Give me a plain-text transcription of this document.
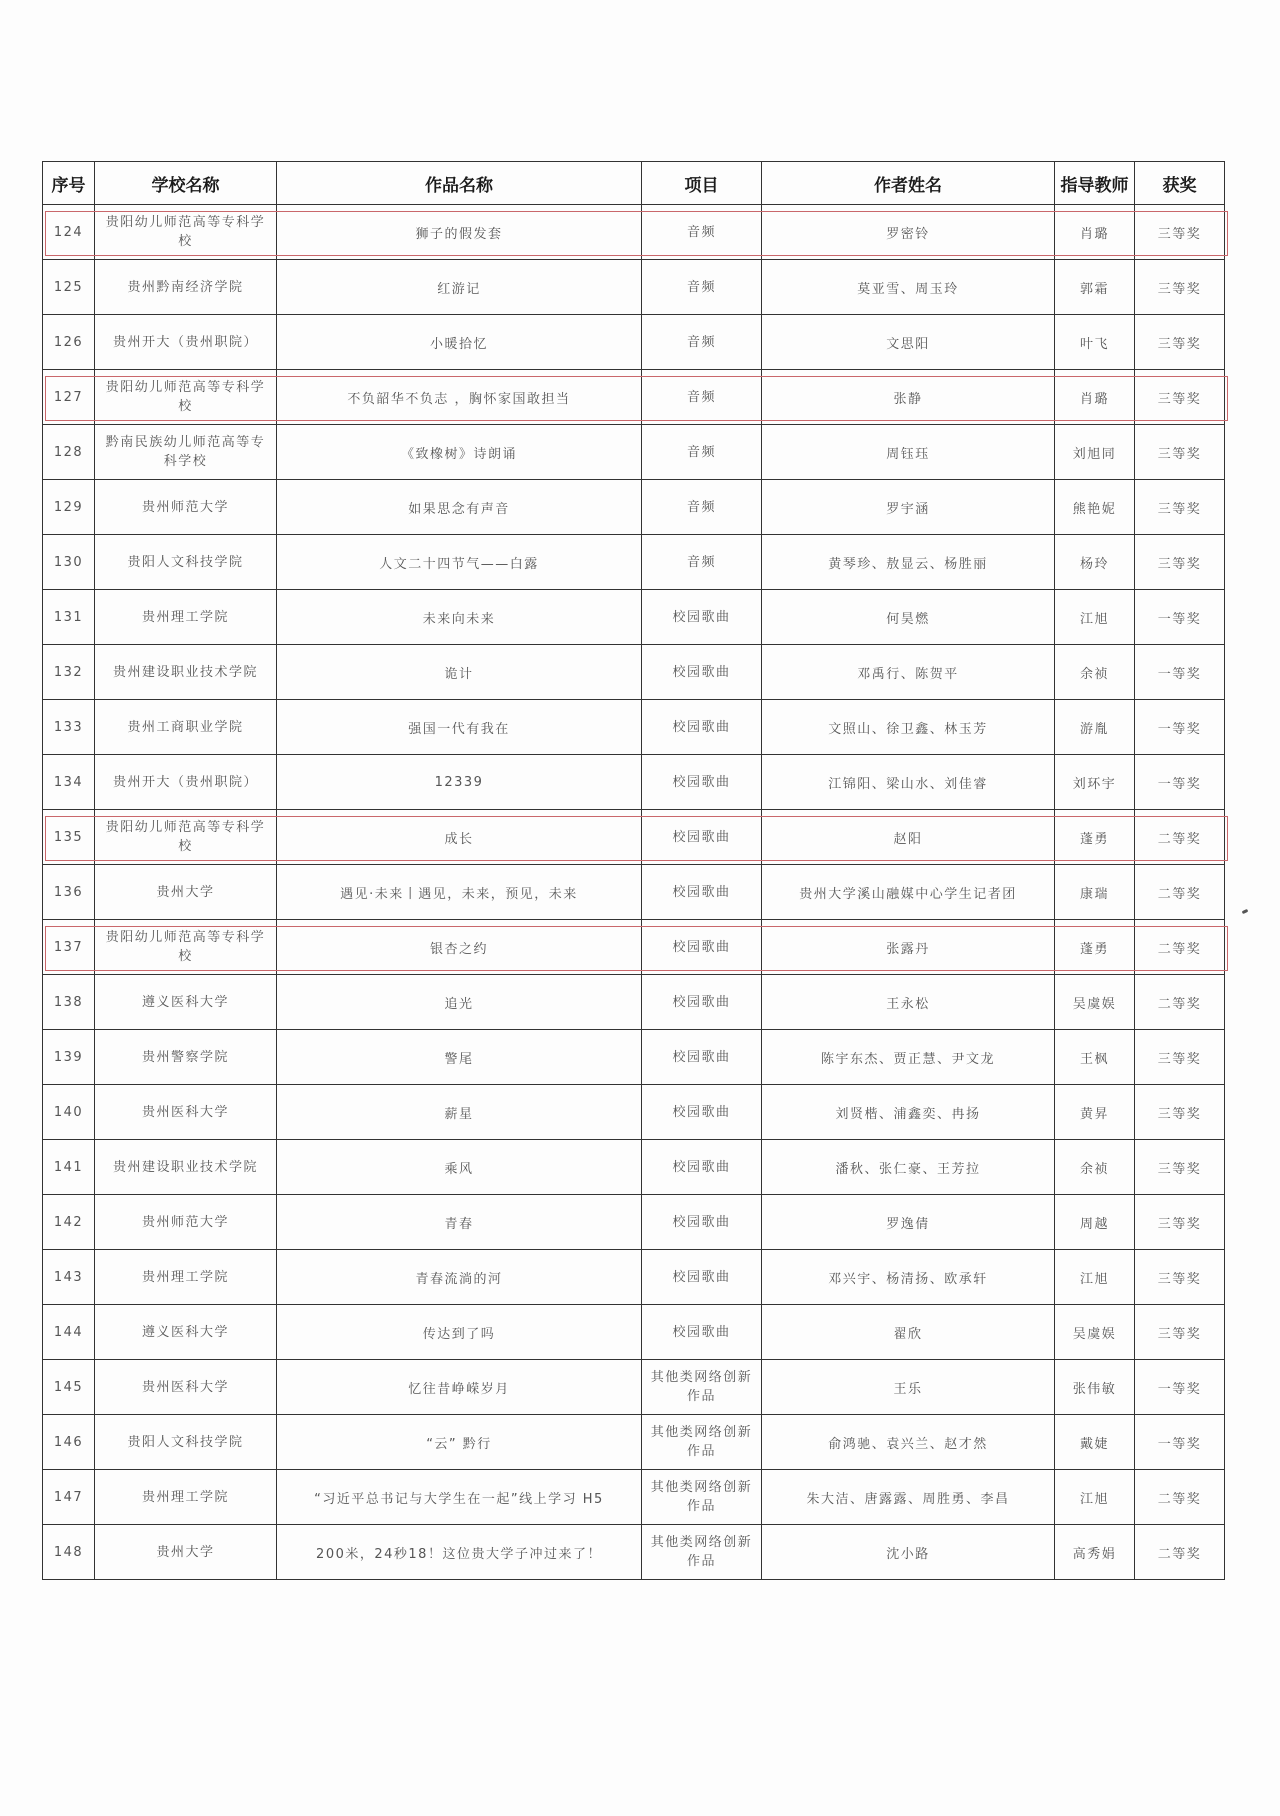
序号	学校名称	作品名称	项目	作者姓名	指导教师	获奖
124	贵阳幼儿师范高等专科学校	狮子的假发套	音频	罗密铃	肖璐	三等奖
125	贵州黔南经济学院	红游记	音频	莫亚雪、周玉玲	郭霜	三等奖
126	贵州开大（贵州职院）	小暖拾忆	音频	文思阳	叶飞	三等奖
127	贵阳幼儿师范高等专科学校	不负韶华不负志 ，胸怀家国敢担当	音频	张静	肖璐	三等奖
128	黔南民族幼儿师范高等专科学校	《致橡树》诗朗诵	音频	周钰珏	刘旭同	三等奖
129	贵州师范大学	如果思念有声音	音频	罗宇涵	熊艳妮	三等奖
130	贵阳人文科技学院	人文二十四节气——白露	音频	黄琴珍、敖显云、杨胜丽	杨玲	三等奖
131	贵州理工学院	未来向未来	校园歌曲	何昊燃	江旭	一等奖
132	贵州建设职业技术学院	诡计	校园歌曲	邓禹行、陈贺平	余祯	一等奖
133	贵州工商职业学院	强国一代有我在	校园歌曲	文照山、徐卫鑫、林玉芳	游胤	一等奖
134	贵州开大（贵州职院）	12339	校园歌曲	江锦阳、梁山水、刘佳睿	刘环宇	一等奖
135	贵阳幼儿师范高等专科学校	成长	校园歌曲	赵阳	蓬勇	二等奖
136	贵州大学	遇见·未来丨遇见，未来，预见，未来	校园歌曲	贵州大学溪山融媒中心学生记者团	康瑞	二等奖
137	贵阳幼儿师范高等专科学校	银杏之约	校园歌曲	张露丹	蓬勇	二等奖
138	遵义医科大学	追光	校园歌曲	王永松	吴虞娱	二等奖
139	贵州警察学院	警尾	校园歌曲	陈宇东杰、贾正慧、尹文龙	王枫	三等奖
140	贵州医科大学	薪星	校园歌曲	刘贤楷、浦鑫奕、冉扬	黄昇	三等奖
141	贵州建设职业技术学院	乘风	校园歌曲	潘秋、张仁豪、王芳拉	余祯	三等奖
142	贵州师范大学	青春	校园歌曲	罗逸倩	周越	三等奖
143	贵州理工学院	青春流淌的河	校园歌曲	邓兴宇、杨清扬、欧承轩	江旭	三等奖
144	遵义医科大学	传达到了吗	校园歌曲	翟欣	吴虞娱	三等奖
145	贵州医科大学	忆往昔峥嵘岁月	其他类网络创新作品	王乐	张伟敏	一等奖
146	贵阳人文科技学院	“云” 黔行	其他类网络创新作品	俞鸿驰、袁兴兰、赵才然	戴婕	一等奖
147	贵州理工学院	“习近平总书记与大学生在一起”线上学习 H5	其他类网络创新作品	朱大洁、唐露露、周胜勇、李昌	江旭	二等奖
148	贵州大学	200米，24秒18！这位贵大学子冲过来了！	其他类网络创新作品	沈小路	高秀娟	二等奖
